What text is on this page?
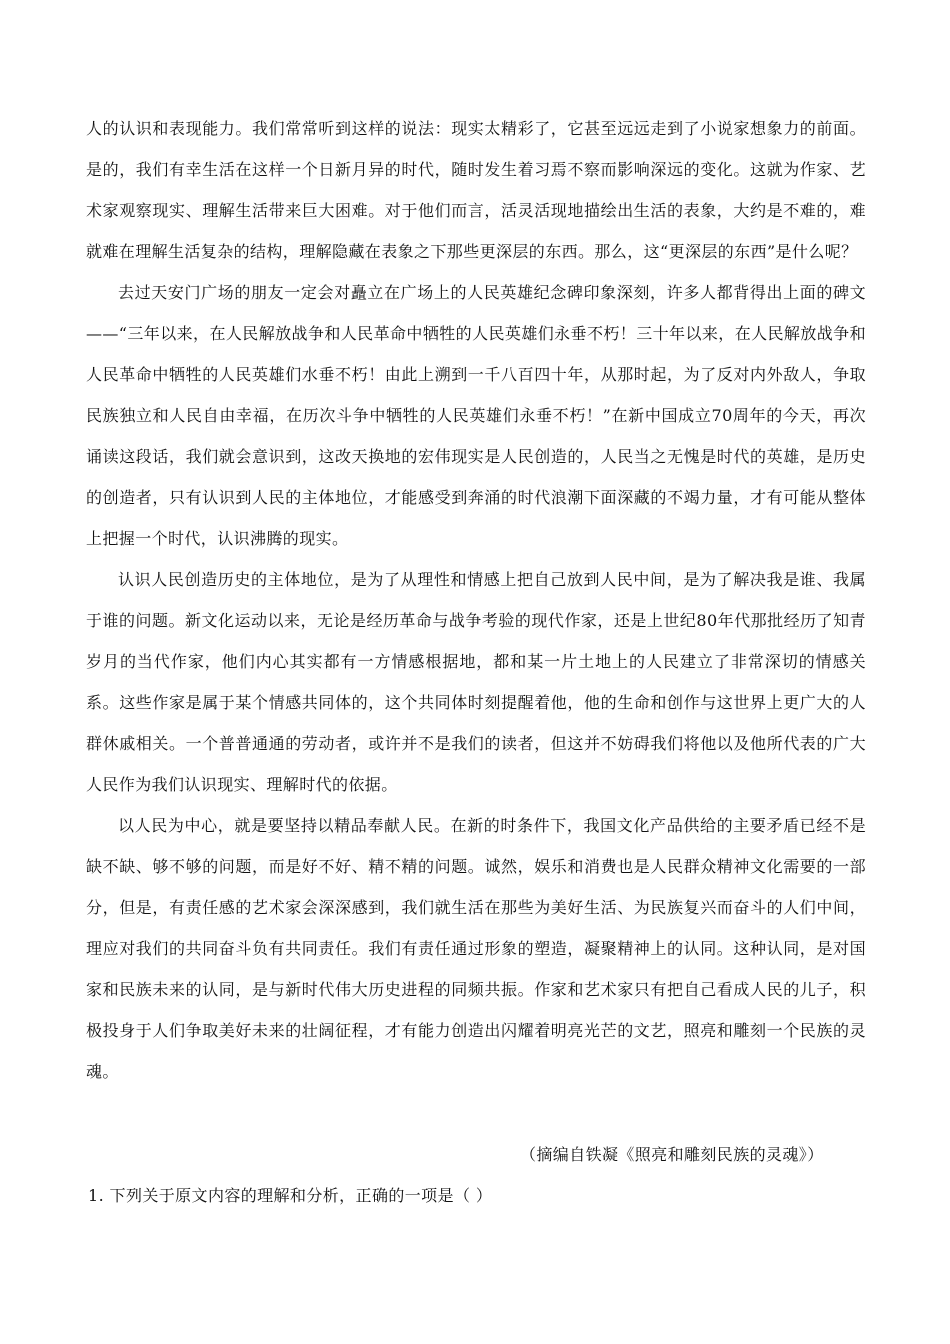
人的认识和表现能力。我们常常听到这样的说法：现实太精彩了，它甚至远远走到了小说家想象力的前面。是的，我们有幸生活在这样一个日新月异的时代，随时发生着习焉不察而影响深远的变化。这就为作家、艺术家观察现实、理解生活带来巨大困难。对于他们而言，活灵活现地描绘出生活的表象，大约是不难的，难就难在理解生活复杂的结构，理解隐藏在表象之下那些更深层的东西。那么，这“更深层的东西”是什么呢？

去过天安门广场的朋友一定会对矗立在广场上的人民英雄纪念碑印象深刻，许多人都背得出上面的碑文——“三年以来，在人民解放战争和人民革命中牺牲的人民英雄们永垂不朽！三十年以来，在人民解放战争和人民革命中牺牲的人民英雄们水垂不朽！由此上溯到一千八百四十年，从那时起，为了反对内外敌人，争取民族独立和人民自由幸福，在历次斗争中牺牲的人民英雄们永垂不朽！”在新中国成立70周年的今天，再次诵读这段话，我们就会意识到，这改天换地的宏伟现实是人民创造的，人民当之无愧是时代的英雄，是历史的创造者，只有认识到人民的主体地位，才能感受到奔涌的时代浪潮下面深藏的不竭力量，才有可能从整体上把握一个时代，认识沸腾的现实。

认识人民创造历史的主体地位，是为了从理性和情感上把自己放到人民中间，是为了解决我是谁、我属于谁的问题。新文化运动以来，无论是经历革命与战争考验的现代作家，还是上世纪80年代那批经历了知青岁月的当代作家，他们内心其实都有一方情感根据地，都和某一片土地上的人民建立了非常深切的情感关系。这些作家是属于某个情感共同体的，这个共同体时刻提醒着他，他的生命和创作与这世界上更广大的人群休戚相关。一个普普通通的劳动者，或许并不是我们的读者，但这并不妨碍我们将他以及他所代表的广大人民作为我们认识现实、理解时代的依据。

以人民为中心，就是要坚持以精品奉献人民。在新的时条件下，我国文化产品供给的主要矛盾已经不是缺不缺、够不够的问题，而是好不好、精不精的问题。诚然，娱乐和消费也是人民群众精神文化需要的一部分，但是，有责任感的艺术家会深深感到，我们就生活在那些为美好生活、为民族复兴而奋斗的人们中间，理应对我们的共同奋斗负有共同责任。我们有责任通过形象的塑造，凝聚精神上的认同。这种认同，是对国家和民族未来的认同，是与新时代伟大历史进程的同频共振。作家和艺术家只有把自己看成人民的儿子，积极投身于人们争取美好未来的壮阔征程，才有能力创造出闪耀着明亮光芒的文艺，照亮和雕刻一个民族的灵魂。

（摘编自铁凝《照亮和雕刻民族的灵魂》）
1. 下列关于原文内容的理解和分析，正确的一项是（ ）
